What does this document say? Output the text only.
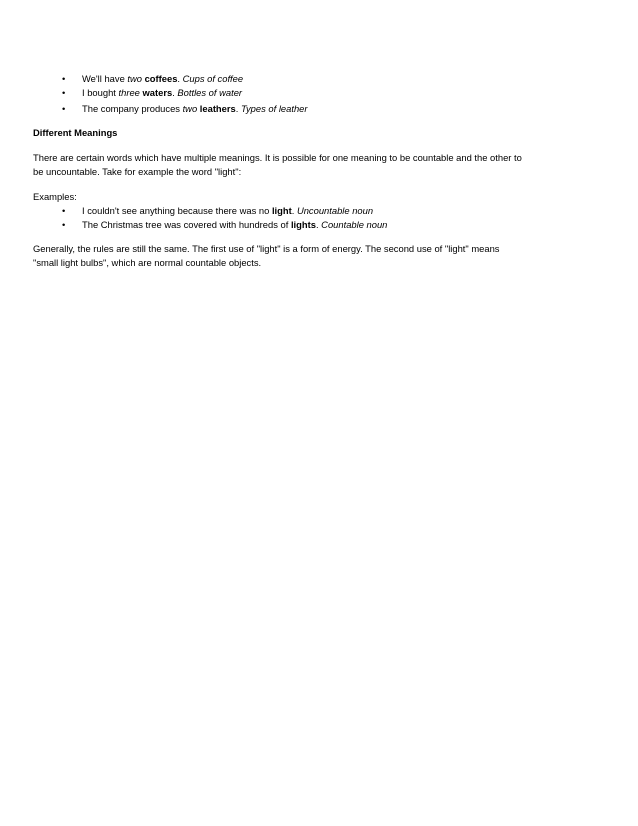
• We'll have two coffees. Cups of coffee
• I bought three waters. Bottles of water
• The company produces two leathers. Types of leather
Different Meanings
There are certain words which have multiple meanings. It is possible for one meaning to be countable and the other to
be uncountable. Take for example the word "light":
Examples:
• I couldn't see anything because there was no light. Uncountable noun
• The Christmas tree was covered with hundreds of lights. Countable noun
Generally, the rules are still the same. The first use of "light" is a form of energy. The second use of "light" means
"small light bulbs", which are normal countable objects.
